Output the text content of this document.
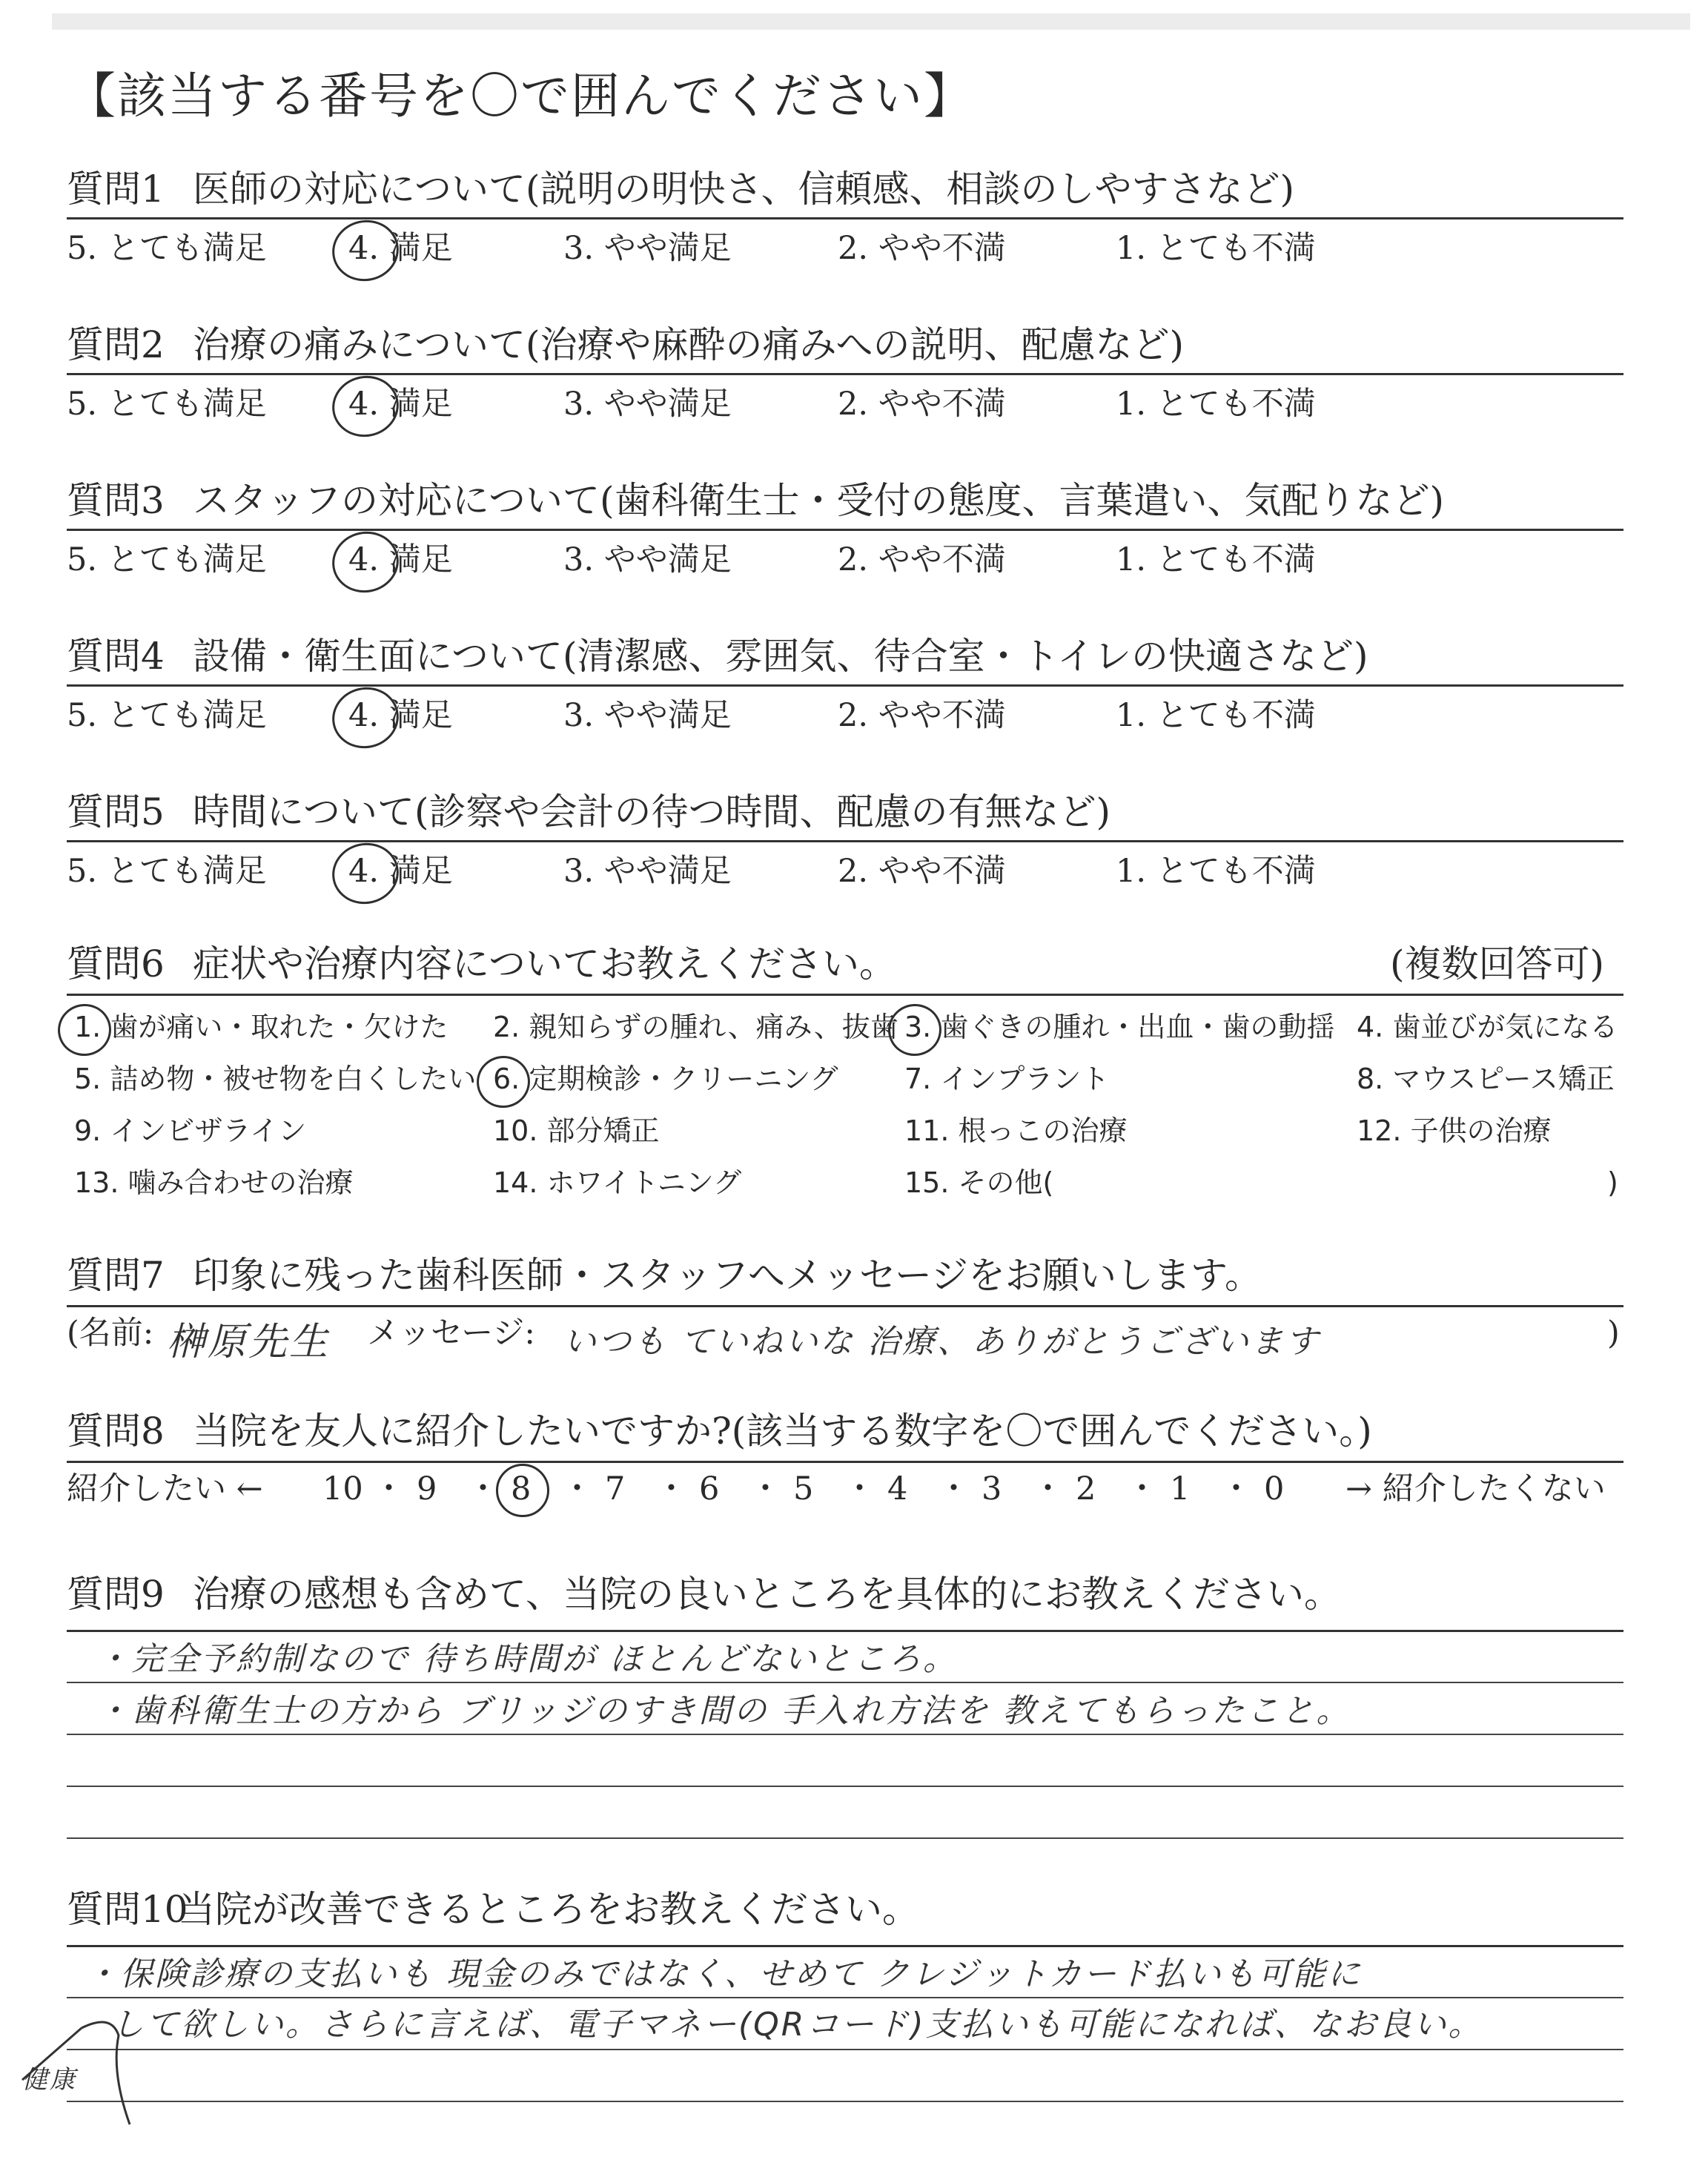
【該当する番号を〇で囲んでください】
質問1 医師の対応について(説明の明快さ、信頼感、相談のしやすさなど)
5. とても満足	4. 満足	3. やや満足	2. やや不満	1. とても不満
質問2 治療の痛みについて(治療や麻酔の痛みへの説明、配慮など)
5. とても満足	4. 満足	3. やや満足	2. やや不満	1. とても不満
質問3 スタッフの対応について(歯科衛生士・受付の態度、言葉遣い、気配りなど)
5. とても満足	4. 満足	3. やや満足	2. やや不満	1. とても不満
質問4 設備・衛生面について(清潔感、雰囲気、待合室・トイレの快適さなど)
5. とても満足	4. 満足	3. やや満足	2. やや不満	1. とても不満
質問5 時間について(診察や会計の待つ時間、配慮の有無など)
5. とても満足	4. 満足	3. やや満足	2. やや不満	1. とても不満
質問6 症状や治療内容についてお教えください。	(複数回答可)
1. 歯が痛い・取れた・欠けた 2. 親知らずの腫れ、痛み、抜歯 3. 歯ぐきの腫れ・出血・歯の動揺 4. 歯並びが気になる
5. 詰め物・被せ物を白くしたい 6. 定期検診・クリーニング 7. インプラント	8. マウスピース矯正
9. インビザライン	10. 部分矯正	11. 根っこの治療	12. 子供の治療
13. 噛み合わせの治療	14. ホワイトニング	15. その他(	)
質問7 印象に残った歯科医師・スタッフへメッセージをお願いします。
(名前: 榊原先生 メッセージ: いつも ていねいな 治療、ありがとうございます	)
質問8 当院を友人に紹介したいですか?(該当する数字を〇で囲んでください。)
紹介したい ←	→ 紹介したくない
10 ・ 9 ・ 8 ・ 7 ・ 6 ・ 5 ・ 4 ・ 3 ・ 2 ・ 1 ・ 0
質問9 治療の感想も含めて、当院の良いところを具体的にお教えください。
・完全予約制なので 待ち時間が ほとんどないところ。
・歯科衛生士の方から ブリッジのすき間の 手入れ方法を 教えてもらったこと。
質問10当院が改善できるところをお教えください。
・保険診療の支払いも 現金のみではなく、せめて クレジットカード払いも可能に
して欲しい。さらに言えば、電子マネー(QRコード)支払いも可能になれば、なお良い。
健康
